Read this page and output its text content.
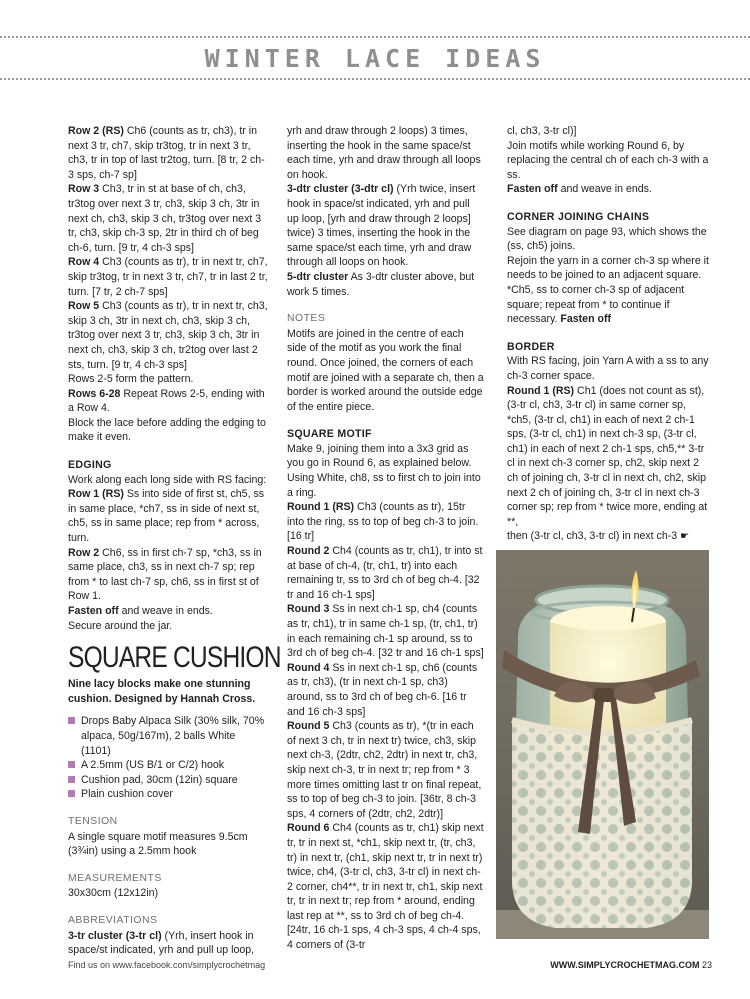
WINTER LACE IDEAS

Row 2 (RS) Ch6 (counts as tr, ch3), tr in next 3 tr, ch7, skip tr3tog, tr in next 3 tr, ch3, tr in top of last tr2tog, turn. [8 tr, 2 ch-3 sps, ch-7 sp]

Row 3 Ch3, tr in st at base of ch, ch3, tr3tog over next 3 tr, ch3, skip 3 ch, 3tr in next ch, ch3, skip 3 ch, tr3tog over next 3 tr, ch3, skip ch-3 sp, 2tr in third ch of beg ch-6, turn. [9 tr, 4 ch-3 sps]

Row 4 Ch3 (counts as tr), tr in next tr, ch7, skip tr3tog, tr in next 3 tr, ch7, tr in last 2 tr, turn. [7 tr, 2 ch-7 sps]

Row 5 Ch3 (counts as tr), tr in next tr, ch3, skip 3 ch, 3tr in next ch, ch3, skip 3 ch, tr3tog over next 3 tr, ch3, skip 3 ch, 3tr in next ch, ch3, skip 3 ch, tr2tog over last 2 sts, turn. [9 tr, 4 ch-3 sps]

Rows 2-5 form the pattern.

Rows 6-28 Repeat Rows 2-5, ending with a Row 4.

Block the lace before adding the edging to make it even.

EDGING

Work along each long side with RS facing:

Row 1 (RS) Ss into side of first st, ch5, ss in same place, *ch7, ss in side of next st, ch5, ss in same place; rep from * across, turn.

Row 2 Ch6, ss in first ch-7 sp, *ch3, ss in same place, ch3, ss in next ch-7 sp; rep from * to last ch-7 sp, ch6, ss in first st of Row 1.

Fasten off and weave in ends.

Secure around the jar.

SQUARE CUSHION

Nine lacy blocks make one stunning cushion. Designed by Hannah Cross.

Drops Baby Alpaca Silk (30% silk, 70% alpaca, 50g/167m), 2 balls White (1101)
A 2.5mm (US B/1 or C/2) hook
Cushion pad, 30cm (12in) square
Plain cushion cover

TENSION

A single square motif measures 9.5cm (3¾in) using a 2.5mm hook

MEASUREMENTS

30x30cm (12x12in)

ABBREVIATIONS

3-tr cluster (3-tr cl) (Yrh, insert hook in space/st indicated, yrh and pull up loop,

yrh and draw through 2 loops) 3 times, inserting the hook in the same space/st each time, yrh and draw through all loops on hook.

3-dtr cluster (3-dtr cl) (Yrh twice, insert hook in space/st indicated, yrh and pull up loop, [yrh and draw through 2 loops] twice) 3 times, inserting the hook in the same space/st each time, yrh and draw through all loops on hook.

5-dtr cluster As 3-dtr cluster above, but work 5 times.

NOTES

Motifs are joined in the centre of each side of the motif as you work the final round. Once joined, the corners of each motif are joined with a separate ch, then a border is worked around the outside edge of the entire piece.

SQUARE MOTIF

Make 9, joining them into a 3x3 grid as you go in Round 6, as explained below. Using White, ch8, ss to first ch to join into a ring.

Round 1 (RS) Ch3 (counts as tr), 15tr into the ring, ss to top of beg ch-3 to join. [16 tr]

Round 2 Ch4 (counts as tr, ch1), tr into st at base of ch-4, (tr, ch1, tr) into each remaining tr, ss to 3rd ch of beg ch-4. [32 tr and 16 ch-1 sps]

Round 3 Ss in next ch-1 sp, ch4 (counts as tr, ch1), tr in same ch-1 sp, (tr, ch1, tr) in each remaining ch-1 sp around, ss to 3rd ch of beg ch-4. [32 tr and 16 ch-1 sps]

Round 4 Ss in next ch-1 sp, ch6 (counts as tr, ch3), (tr in next ch-1 sp, ch3) around, ss to 3rd ch of beg ch-6. [16 tr and 16 ch-3 sps]

Round 5 Ch3 (counts as tr), *(tr in each of next 3 ch, tr in next tr) twice, ch3, skip next ch-3, (2dtr, ch2, 2dtr) in next tr, ch3, skip next ch-3, tr in next tr; rep from * 3 more times omitting last tr on final repeat, ss to top of beg ch-3 to join. [36tr, 8 ch-3 sps, 4 corners of (2dtr, ch2, 2dtr)]

Round 6 Ch4 (counts as tr, ch1) skip next tr, tr in next st, *ch1, skip next tr, (tr, ch3, tr) in next tr, (ch1, skip next tr, tr in next tr) twice, ch4, (3-tr cl, ch3, 3-tr cl) in next ch-2 corner, ch4**, tr in next tr, ch1, skip next tr, tr in next tr; rep from * around, ending last rep at **, ss to 3rd ch of beg ch-4. [24tr, 16 ch-1 sps, 4 ch-3 sps, 4 ch-4 sps, 4 corners of (3-tr

cl, ch3, 3-tr cl)]

Join motifs while working Round 6, by replacing the central ch of each ch-3 with a ss.

Fasten off and weave in ends.

CORNER JOINING CHAINS

See diagram on page 93, which shows the (ss, ch5) joins.

Rejoin the yarn in a corner ch-3 sp where it needs to be joined to an adjacent square. *Ch5, ss to corner ch-3 sp of adjacent square; repeat from * to continue if necessary. Fasten off

BORDER

With RS facing, join Yarn A with a ss to any ch-3 corner space.

Round 1 (RS) Ch1 (does not count as st), (3-tr cl, ch3, 3-tr cl) in same corner sp, *ch5, (3-tr cl, ch1) in each of next 2 ch-1 sps, (3-tr cl, ch1) in next ch-3 sp, (3-tr cl, ch1) in each of next 2 ch-1 sps, ch5,** 3-tr cl in next ch-3 corner sp, ch2, skip next 2 ch of joining ch, 3-tr cl in next ch, ch2, skip next 2 ch of joining ch, 3-tr cl in next ch-3 corner sp; rep from * twice more, ending at **,

then (3-tr cl, ch3, 3-tr cl) in next ch-3 ☛

Find us on www.facebook.com/simplycrochetmag	WWW.SIMPLYCROCHETMAG.COM 23
